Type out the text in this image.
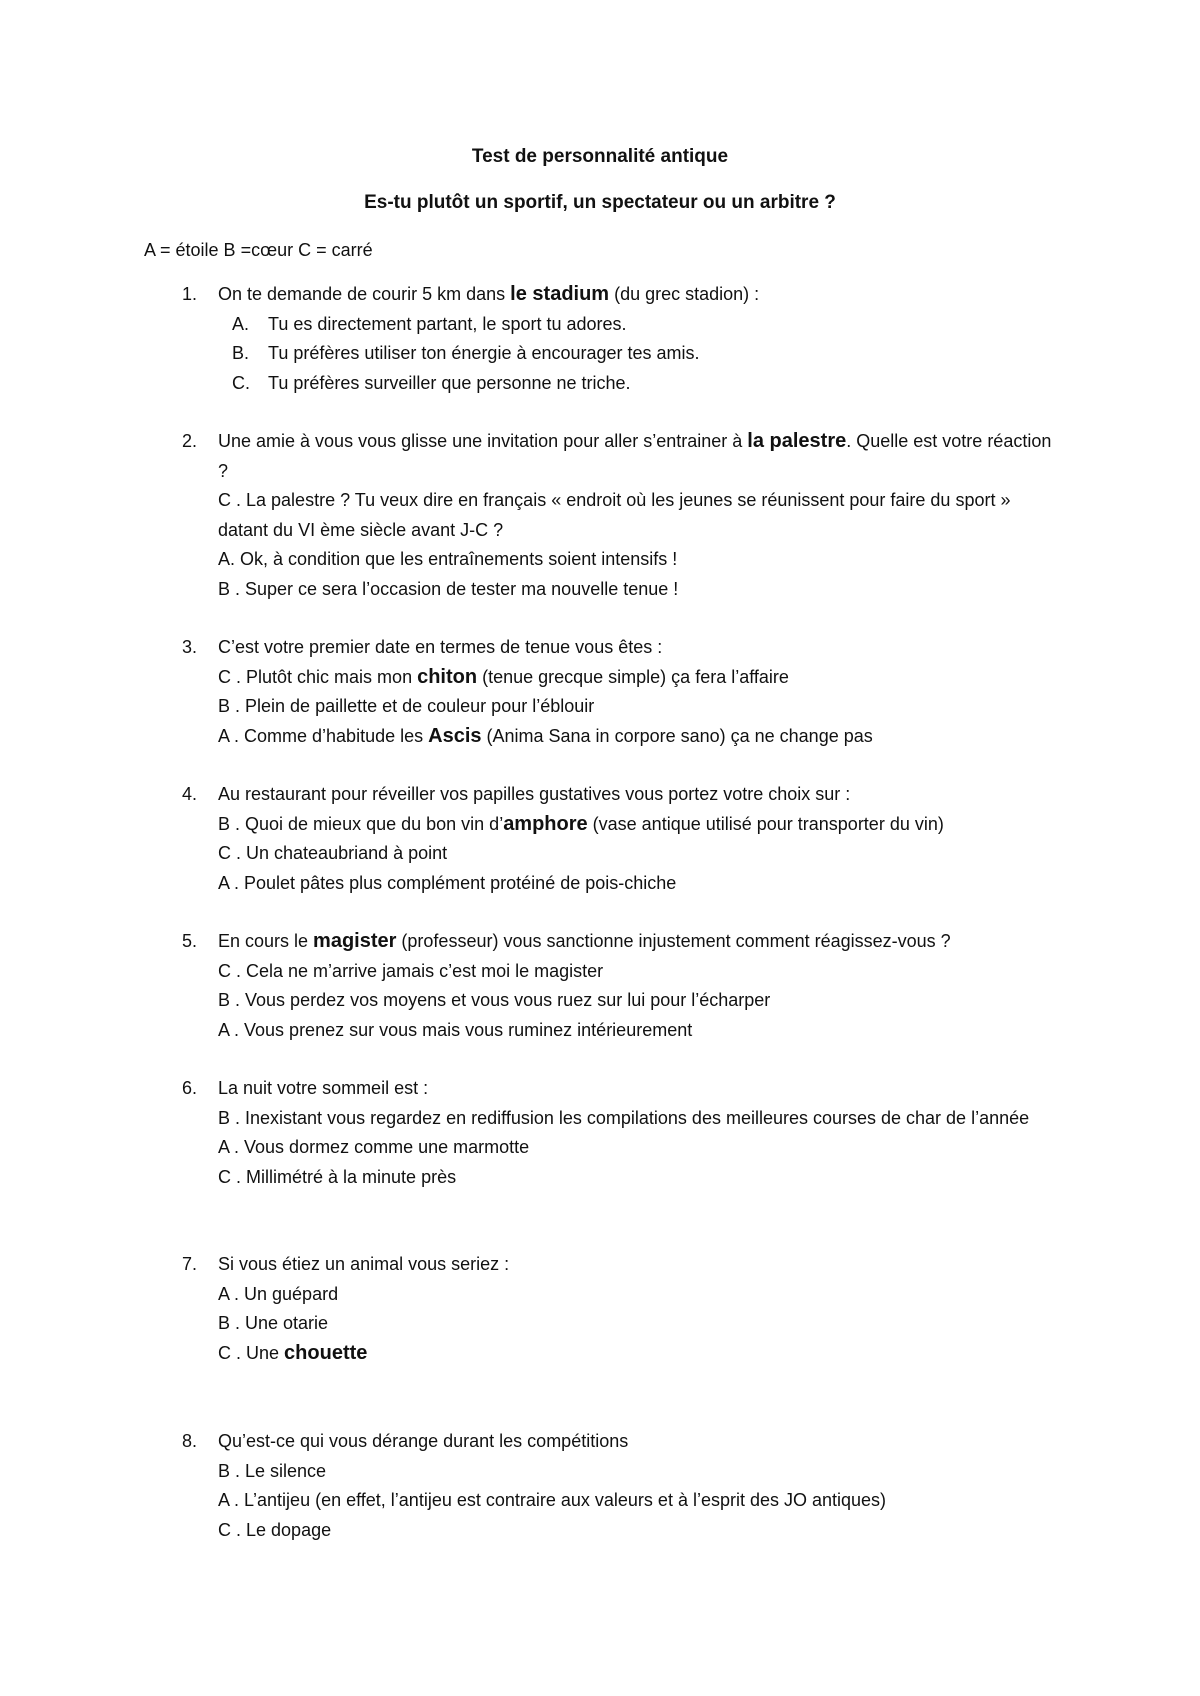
Test de personnalité antique
Es-tu plutôt un sportif, un spectateur ou un arbitre ?
A = étoile B =cœur C = carré
1.	On te demande de courir 5 km dans le stadium (du grec stadion) :
A.	Tu es directement partant, le sport tu adores.
B.	Tu préfères utiliser ton énergie à encourager tes amis.
C.	Tu préfères surveiller que personne ne triche.
2.	Une amie à vous vous glisse une invitation pour aller s’entrainer à la palestre. Quelle est votre réaction ?
C . La palestre ? Tu veux dire en français « endroit où les jeunes se réunissent pour faire du sport » datant du VI ème siècle avant J-C ?
A. Ok, à condition que les entraînements soient intensifs !
B . Super ce sera l’occasion de tester ma nouvelle tenue !
3.	C’est votre premier date en termes de tenue vous êtes :
C . Plutôt chic mais mon chiton (tenue grecque simple) ça fera l’affaire
B . Plein de paillette et de couleur pour l’éblouir
A . Comme d’habitude les Ascis (Anima Sana in corpore sano) ça ne change pas
4.	Au restaurant pour réveiller vos papilles gustatives vous portez votre choix sur :
B . Quoi de mieux que du bon vin d’amphore (vase antique utilisé pour transporter du vin)
C . Un chateaubriand à point
A . Poulet pâtes plus complément protéiné de pois-chiche
5.	En cours le magister (professeur) vous sanctionne injustement comment réagissez-vous ?
C . Cela ne m’arrive jamais c’est moi le magister
B . Vous perdez vos moyens et vous vous ruez sur lui pour l’écharper
A . Vous prenez sur vous mais vous ruminez intérieurement
6.	La nuit votre sommeil est :
B . Inexistant vous regardez en rediffusion les compilations des meilleures courses de char de l’année
A . Vous dormez comme une marmotte
C . Millimétré à la minute près
7.	Si vous étiez un animal vous seriez :
A . Un guépard
B . Une otarie
C . Une chouette
8.	Qu’est-ce qui vous dérange durant les compétitions
B . Le silence
A . L’antijeu (en effet, l’antijeu est contraire aux valeurs et à l’esprit des JO antiques)
C . Le dopage
